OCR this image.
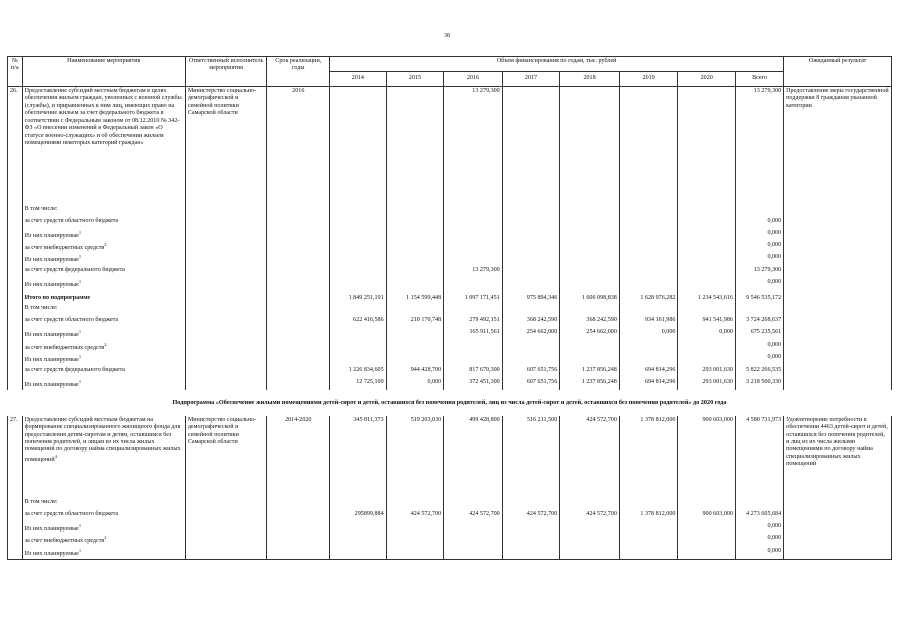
38
№ п/а	Наименование мероприятия	Ответственный исполнитель мероприятия	Срок реализации, годы	Объем финансирования по годам, тыс. рублей								Ожидаемый результат
				2014	2015	2016	2017	2018	2019	2020	Всего	
26.	Предоставление субсидий местным бюджетам в целях обеспечения жильем граждан, уволенных с военной службы (службы), и приравненных к ним лиц, имеющих право на обеспечение жильем за счет федерального бюджета в соответствии с Федеральным законом от 08.12.2010 № 342-ФЗ «О внесении изменений в Федеральный закон «О статусе военно-служащих» и об обеспечении жильем помещениями некоторых категорий граждан»	Министерство социально-демографической и семейной политики Самарской области	2016			13 279,300					13 279,300	Предоставление меры государственной поддержки 8 гражданам указанной категории
	В том числе:											
	за счет средств областного бюджета										0,000	
	Из них планируемые$^1$										0,000	
	за счет внебюджетных средств$^2$										0,000	
	Из них планируемые$^1$										0,000	
	за счет средств федерального бюджета					13 279,300					13 279,300	
	Из них планируемые$^1$										0,000	
	Итого по подпрограмме			1 849 251,191	1 154 599,448	1 097 171,451	975 894,346	1 606 098,838	1 628 976,282	1 234 543,616	9 546 535,172	
	В том числе:											
	за счет средств областного бюджета			622 416,586	210 170,748	279 492,151	368 242,590	368 242,590	934 161,986	941 541,986	3 724 268,637	
	Из них планируемые$^1$					165 911,561	254 662,000	254 662,000	0,000	0,000	675 235,561	
	за счет внебюджетных средств$^2$										0,000	
	Из них планируемые$^1$										0,000	
	за счет средств федерального бюджета			1 226 834,605	944 428,700	817 679,300	607 651,756	1 237 856,248	694 814,296	293 001,630	5 822 266,535	
	Из них планируемые$^1$			12 725,100	0,000	372 451,300	607 651,756	1 237 856,248	694 814,296	293 001,630	3 218 500,330	
Подпрограмма «Обеспечение жилыми помещениями детей-сирот и детей, оставшихся без попечения родителей, лиц из числа детей-сирот и детей, оставшихся без попечения родителей» до 2020 года												
27.	Предоставление субсидий местным бюджетам на формирование специализированного жилищного фонда для предоставления детям-сиротам и детям, оставшимся без попечения родителей, и лицам из их числа жилых помещений по договору найма специализированных жилых помещений$^4$	Министерство социально-демографической и семейной политики Самарской области	2014-2020	345 811,373	519 203,030	499 428,800	516 211,500	424 572,700	1 378 812,000	900 603,000	4 580 731,973	Удовлетворение потребности в обеспечении 4463 детей-сирот и детей, оставшихся без попечения родителей, и лиц из их числа жилыми помещениями по договору найма специализированных жилых помещений
	В том числе:											
	за счет средств областного бюджета			295899,884	424 572,700	424 572,700	424 572,700	424 572,700	1 378 812,000	900 603,000	4 273 605,684	
	Из них планируемые$^1$										0,000	
	за счет внебюджетных средств$^2$										0,000	
	Из них планируемые$^1$										0,000	
